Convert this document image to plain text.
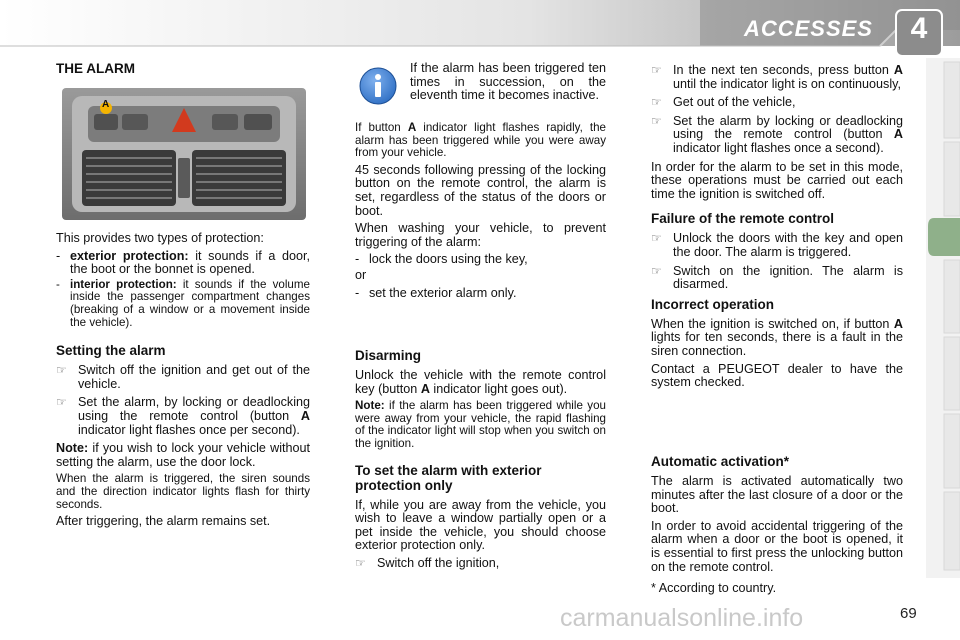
ACCESSES	4
THE ALARM
A

This provides two types of protection:

- exterior protection: it sounds if a door, the boot or the bonnet is opened.
- interior protection: it sounds if the volume inside the passenger compartment changes (breaking of a window or a movement inside the vehicle).
Setting the alarm
☞ Switch off the ignition and get out of the vehicle.
☞ Set the alarm, by locking or deadlocking using the remote control (button A indicator light flashes once per second).

Note: if you wish to lock your vehicle without setting the alarm, use the door lock.

When the alarm is triggered, the siren sounds and the direction indicator lights flash for thirty seconds.

After triggering, the alarm remains set.

If the alarm has been triggered ten times in succession, on the eleventh time it becomes inactive.

If button A indicator light flashes rapidly, the alarm has been triggered while you were away from your vehicle.

45 seconds following pressing of the locking button on the remote control, the alarm is set, regardless of the status of the doors or boot.

When washing your vehicle, to prevent triggering of the alarm:

- lock the doors using the key,

or

- set the exterior alarm only.
Disarming

Unlock the vehicle with the remote control key (button A indicator light goes out).

Note: if the alarm has been triggered while you were away from your vehicle, the rapid flashing of the indicator light will stop when you switch on the ignition.

To set the alarm with exterior protection only

If, while you are away from the vehicle, you wish to leave a window partially open or a pet inside the vehicle, you should choose exterior protection only.

☞ Switch off the ignition,
☞ In the next ten seconds, press button A until the indicator light is on continuously,
☞ Get out of the vehicle,
☞ Set the alarm by locking or deadlocking using the remote control (button A indicator light flashes once a second).

In order for the alarm to be set in this mode, these operations must be carried out each time the ignition is switched off.

Failure of the remote control
☞ Unlock the doors with the key and open the door. The alarm is triggered.
☞ Switch on the ignition. The alarm is disarmed.
Incorrect operation

When the ignition is switched on, if button A lights for ten seconds, there is a fault in the siren connection.

Contact a PEUGEOT dealer to have the system checked.

Automatic activation*

The alarm is activated automatically two minutes after the last closure of a door or the boot.

In order to avoid accidental triggering of the alarm when a door or the boot is opened, it is essential to first press the unlocking button on the remote control.

* According to country.

carmanualsonline.info	69
